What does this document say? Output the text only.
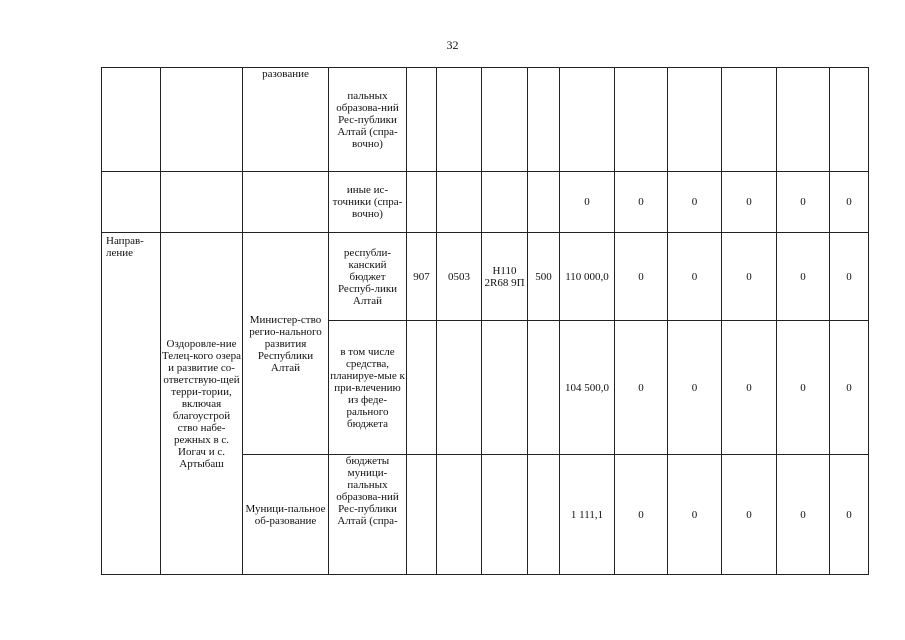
32
		разование	пальных образова-ний Рес-публики Алтай (спра-вочно)										
			иные ис-точники (спра-вочно)					0	0	0	0	0	0
Направ-ление	Оздоровле-ние Телец-кого озера и развитие со-ответствую-щей терри-тории, включая благоустрой ство набе-режных в с. Иогач и с. Артыбаш	Министер-ство регио-нального развития Республики Алтай	республи-канский бюджет Респуб-лики Алтай	907	0503	H110 2R68 9П	500	110 000,0	0	0	0	0	0
			в том числе средства, планируе-мые к при-влечению из феде-рального бюджета					104 500,0	0	0	0	0	0
		Муници-пальное об-разование	бюджеты муници-пальных образова-ний Рес-публики Алтай (спра-					1 111,1	0	0	0	0	0
